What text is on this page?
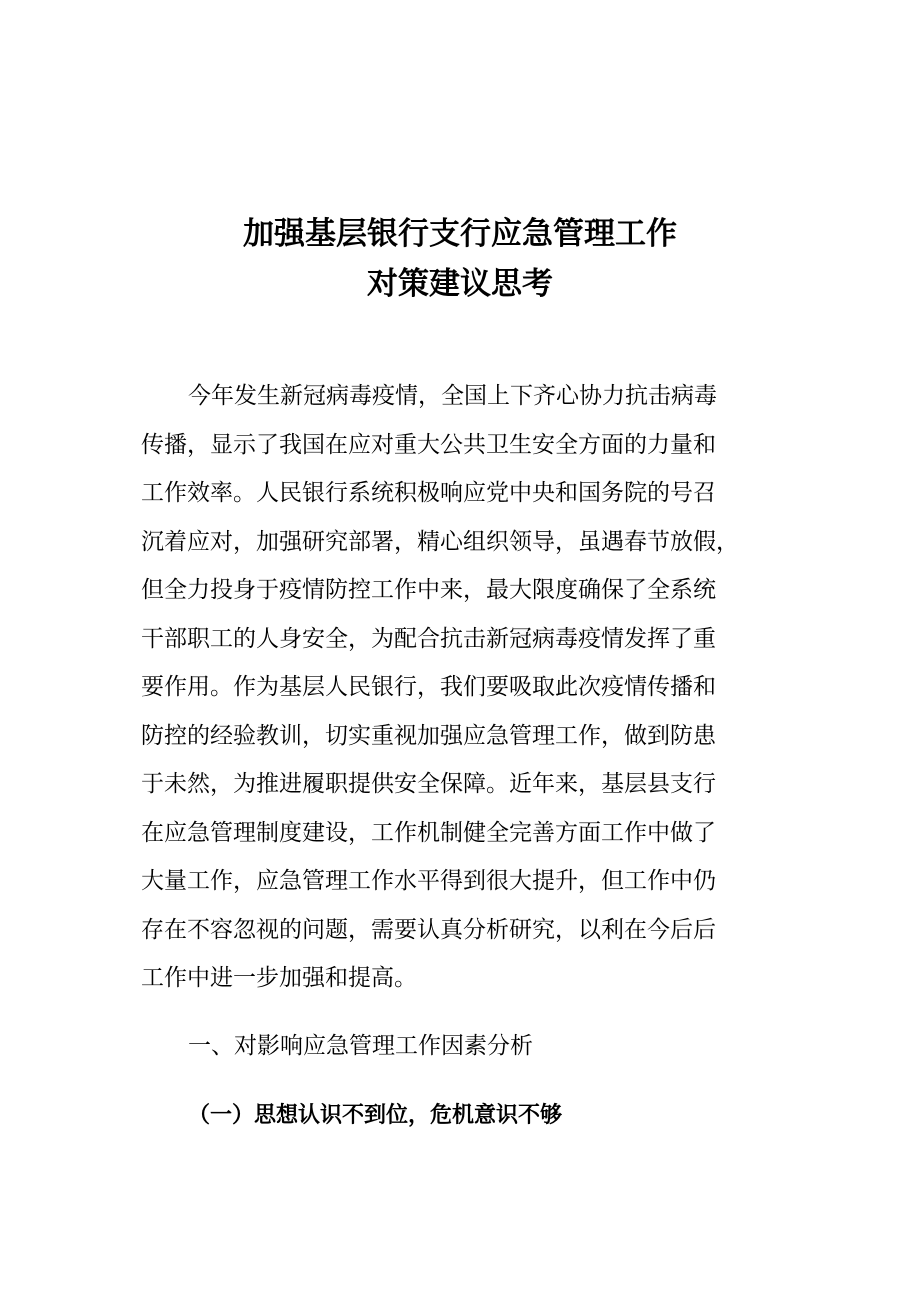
加强基层银行支行应急管理工作
对策建议思考
今年发生新冠病毒疫情，全国上下齐心协力抗击病毒
传播，显示了我国在应对重大公共卫生安全方面的力量和
工作效率。人民银行系统积极响应党中央和国务院的号召
沉着应对，加强研究部署，精心组织领导，虽遇春节放假，
但全力投身于疫情防控工作中来，最大限度确保了全系统
干部职工的人身安全，为配合抗击新冠病毒疫情发挥了重
要作用。作为基层人民银行，我们要吸取此次疫情传播和
防控的经验教训，切实重视加强应急管理工作，做到防患
于未然，为推进履职提供安全保障。近年来，基层县支行
在应急管理制度建设，工作机制健全完善方面工作中做了
大量工作，应急管理工作水平得到很大提升，但工作中仍
存在不容忽视的问题，需要认真分析研究，以利在今后后
工作中进一步加强和提高。
一、对影响应急管理工作因素分析
（一）思想认识不到位，危机意识不够
